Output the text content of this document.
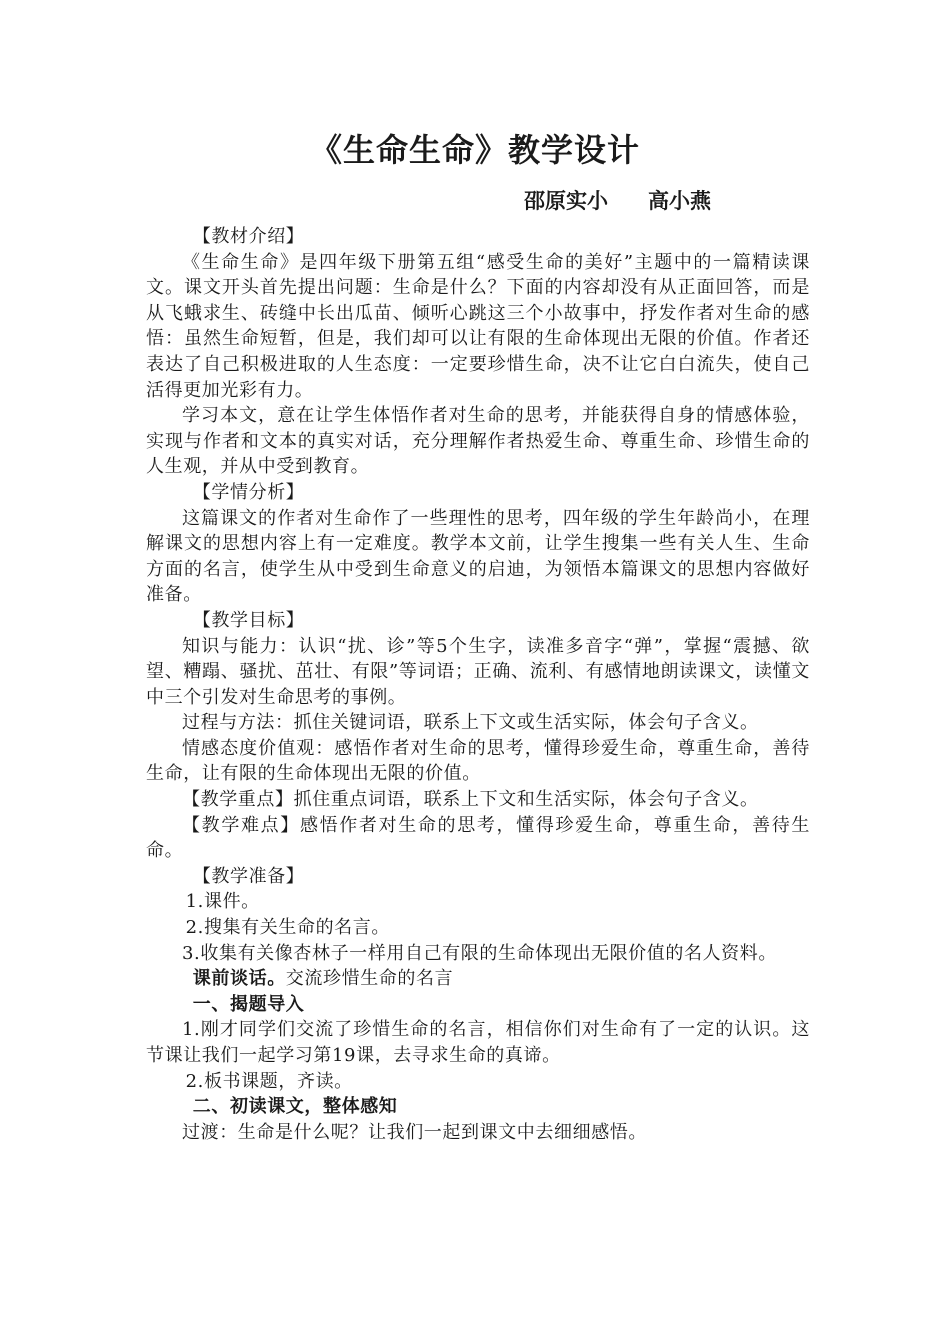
《生命生命》教学设计
邵原实小 高小燕

【教材介绍】

《生命生命》是四年级下册第五组“感受生命的美好”主题中的一篇精读课文。课文开头首先提出问题：生命是什么？下面的内容却没有从正面回答，而是从飞蛾求生、砖缝中长出瓜苗、倾听心跳这三个小故事中，抒发作者对生命的感悟：虽然生命短暂，但是，我们却可以让有限的生命体现出无限的价值。作者还表达了自己积极进取的人生态度：一定要珍惜生命，决不让它白白流失，使自己活得更加光彩有力。

学习本文，意在让学生体悟作者对生命的思考，并能获得自身的情感体验，实现与作者和文本的真实对话，充分理解作者热爱生命、尊重生命、珍惜生命的人生观，并从中受到教育。

【学情分析】

这篇课文的作者对生命作了一些理性的思考，四年级的学生年龄尚小，在理解课文的思想内容上有一定难度。教学本文前，让学生搜集一些有关人生、生命方面的名言，使学生从中受到生命意义的启迪，为领悟本篇课文的思想内容做好准备。

【教学目标】

知识与能力：认识“扰、诊”等5个生字，读准多音字“弹”，掌握“震撼、欲望、糟蹋、骚扰、茁壮、有限”等词语；正确、流利、有感情地朗读课文，读懂文中三个引发对生命思考的事例。

过程与方法：抓住关键词语，联系上下文或生活实际，体会句子含义。

情感态度价值观：感悟作者对生命的思考，懂得珍爱生命，尊重生命，善待生命，让有限的生命体现出无限的价值。

【教学重点】抓住重点词语，联系上下文和生活实际，体会句子含义。

【教学难点】感悟作者对生命的思考，懂得珍爱生命，尊重生命，善待生命。

【教学准备】

1.课件。

2.搜集有关生命的名言。

3.收集有关像杏林子一样用自己有限的生命体现出无限价值的名人资料。

课前谈话。交流珍惜生命的名言

一、揭题导入

1.刚才同学们交流了珍惜生命的名言，相信你们对生命有了一定的认识。这节课让我们一起学习第19课，去寻求生命的真谛。

2.板书课题，齐读。

二、初读课文，整体感知

过渡：生命是什么呢？让我们一起到课文中去细细感悟。
